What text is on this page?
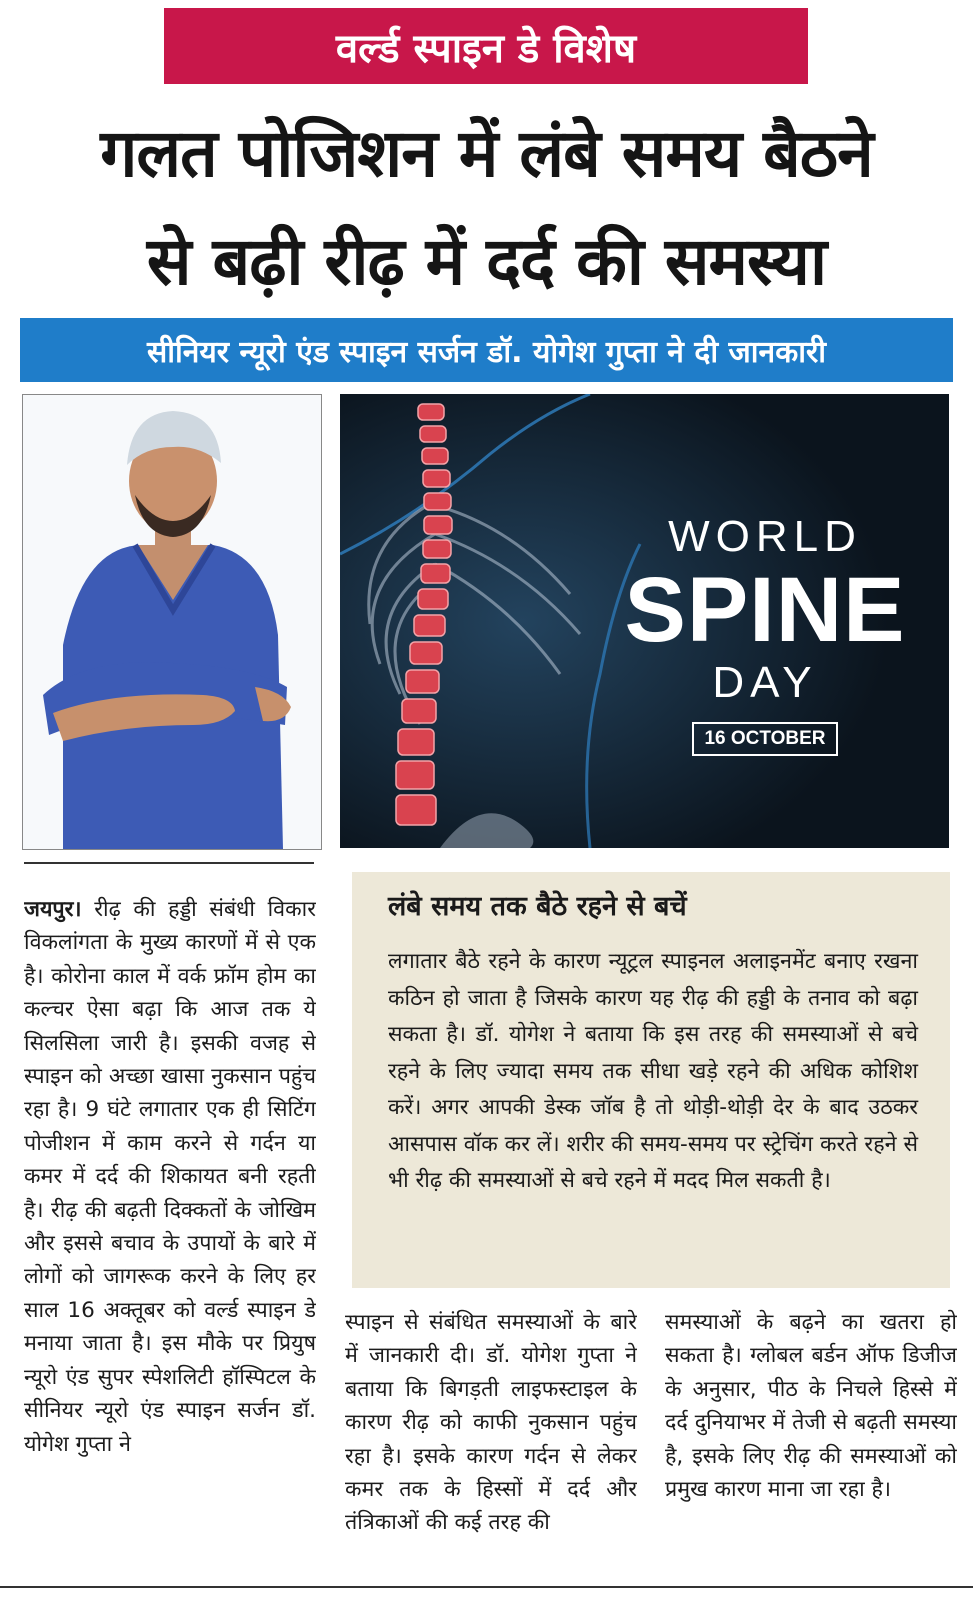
वर्ल्ड स्पाइन डे विशेष
गलत पोजिशन में लंबे समय बैठने
से बढ़ी रीढ़ में दर्द की समस्या
सीनियर न्यूरो एंड स्पाइन सर्जन डॉ. योगेश गुप्ता ने दी जानकारी
WORLD
SPINE
DAY
16 OCTOBER
जयपुर। रीढ़ की हड्डी संबंधी विकार विकलांगता के मुख्य कारणों में से एक है। कोरोना काल में वर्क फ्रॉम होम का कल्चर ऐसा बढ़ा कि आज तक ये सिलसिला जारी है। इसकी वजह से स्पाइन को अच्छा खासा नुकसान पहुंच रहा है। 9 घंटे लगातार एक ही सिटिंग पोजीशन में काम करने से गर्दन या कमर में दर्द की शिकायत बनी रहती है। रीढ़ की बढ़ती दिक्कतों के जोखिम और इससे बचाव के उपायों के बारे में लोगों को जागरूक करने के लिए हर साल 16 अक्तूबर को वर्ल्ड स्पाइन डे मनाया जाता है। इस मौके पर प्रियुष न्यूरो एंड सुपर स्पेशलिटी हॉस्पिटल के सीनियर न्यूरो एंड स्पाइन सर्जन डॉ. योगेश गुप्ता ने
लंबे समय तक बैठे रहने से बचें
लगातार बैठे रहने के कारण न्यूट्रल स्पाइनल अलाइनमेंट बनाए रखना कठिन हो जाता है जिसके कारण यह रीढ़ की हड्डी के तनाव को बढ़ा सकता है। डॉ. योगेश ने बताया कि इस तरह की समस्याओं से बचे रहने के लिए ज्यादा समय तक सीधा खड़े रहने की अधिक कोशिश करें। अगर आपकी डेस्क जॉब है तो थोड़ी-थोड़ी देर के बाद उठकर आसपास वॉक कर लें। शरीर की समय-समय पर स्ट्रेचिंग करते रहने से भी रीढ़ की समस्याओं से बचे रहने में मदद मिल सकती है।
स्पाइन से संबंधित समस्याओं के बारे में जानकारी दी। डॉ. योगेश गुप्ता ने बताया कि बिगड़ती लाइफस्टाइल के कारण रीढ़ को काफी नुकसान पहुंच रहा है। इसके कारण गर्दन से लेकर कमर तक के हिस्सों में दर्द और तंत्रिकाओं की कई तरह की
समस्याओं के बढ़ने का खतरा हो सकता है। ग्लोबल बर्डन ऑफ डिजीज के अनुसार, पीठ के निचले हिस्से में दर्द दुनियाभर में तेजी से बढ़ती समस्या है, इसके लिए रीढ़ की समस्याओं को प्रमुख कारण माना जा रहा है।
